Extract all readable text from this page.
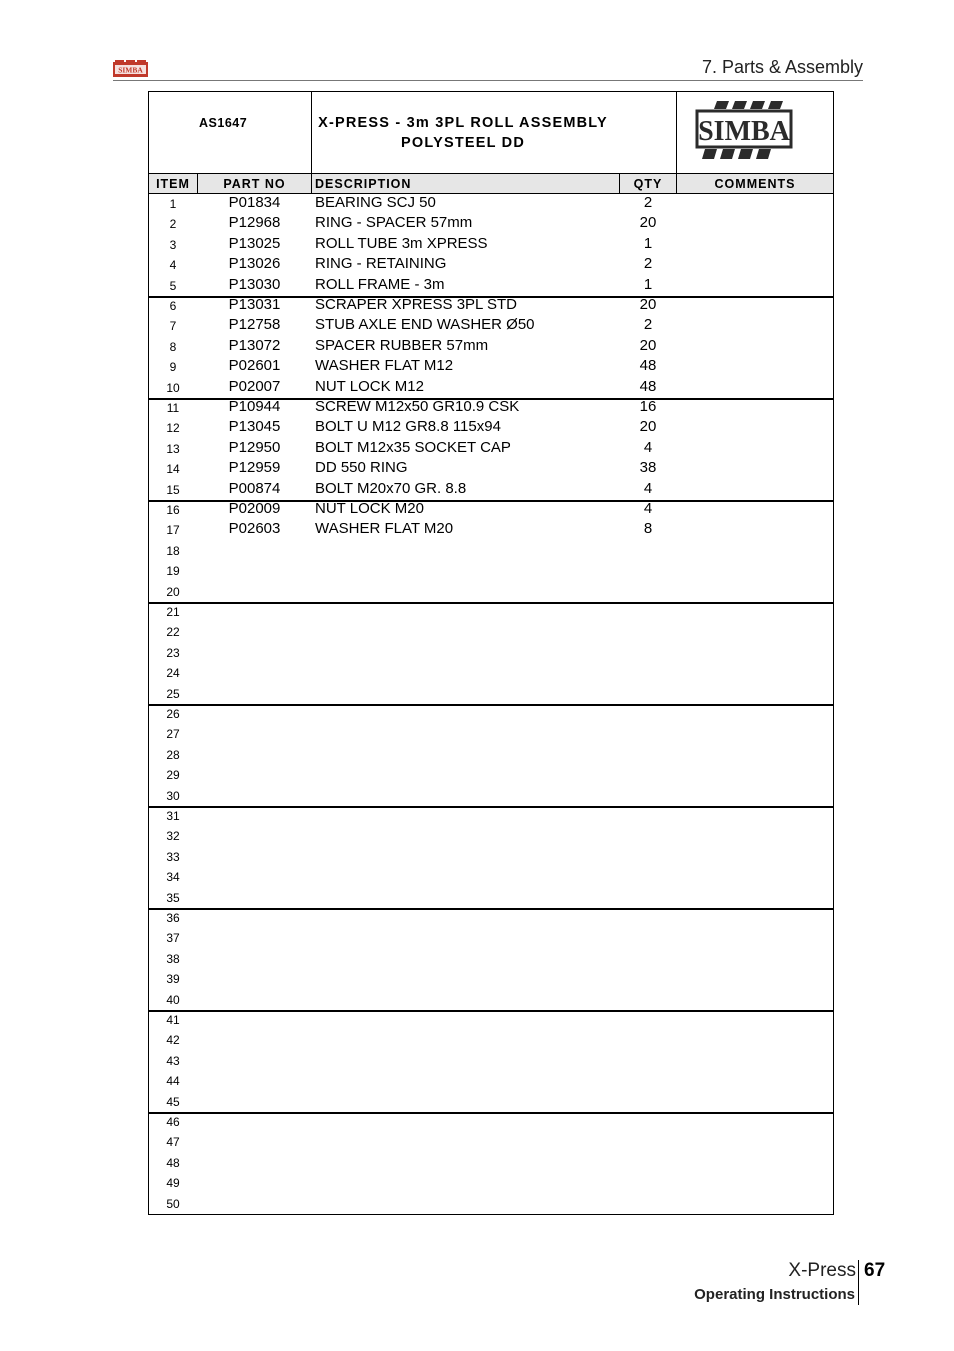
SIMBA	7. Parts & Assembly
AS1647	X-PRESS - 3m 3PL ROLL ASSEMBLY
POLYSTEEL DD	SIMBA
ITEM	PART NO	DESCRIPTION	QTY	COMMENTS
1	P01834	BEARING SCJ 50	2
2	P12968	RING - SPACER 57mm	20
3	P13025	ROLL TUBE 3m XPRESS	1
4	P13026	RING - RETAINING	2
5	P13030	ROLL FRAME - 3m	1
6	P13031	SCRAPER XPRESS 3PL STD	20
7	P12758	STUB AXLE END WASHER Ø50	2
8	P13072	SPACER RUBBER 57mm	20
9	P02601	WASHER FLAT M12	48
10	P02007	NUT LOCK M12	48
11	P10944	SCREW M12x50 GR10.9 CSK	16
12	P13045	BOLT U M12 GR8.8 115x94	20
13	P12950	BOLT M12x35 SOCKET CAP	4
14	P12959	DD 550 RING	38
15	P00874	BOLT M20x70 GR. 8.8	4
16	P02009	NUT LOCK M20	4
17	P02603	WASHER FLAT M20	8
18
19
20
21
22
23
24
25
26
27
28
29
30
31
32
33
34
35
36
37
38
39
40
41
42
43
44
45
46
47
48
49
50
X-Press 67
Operating Instructions
